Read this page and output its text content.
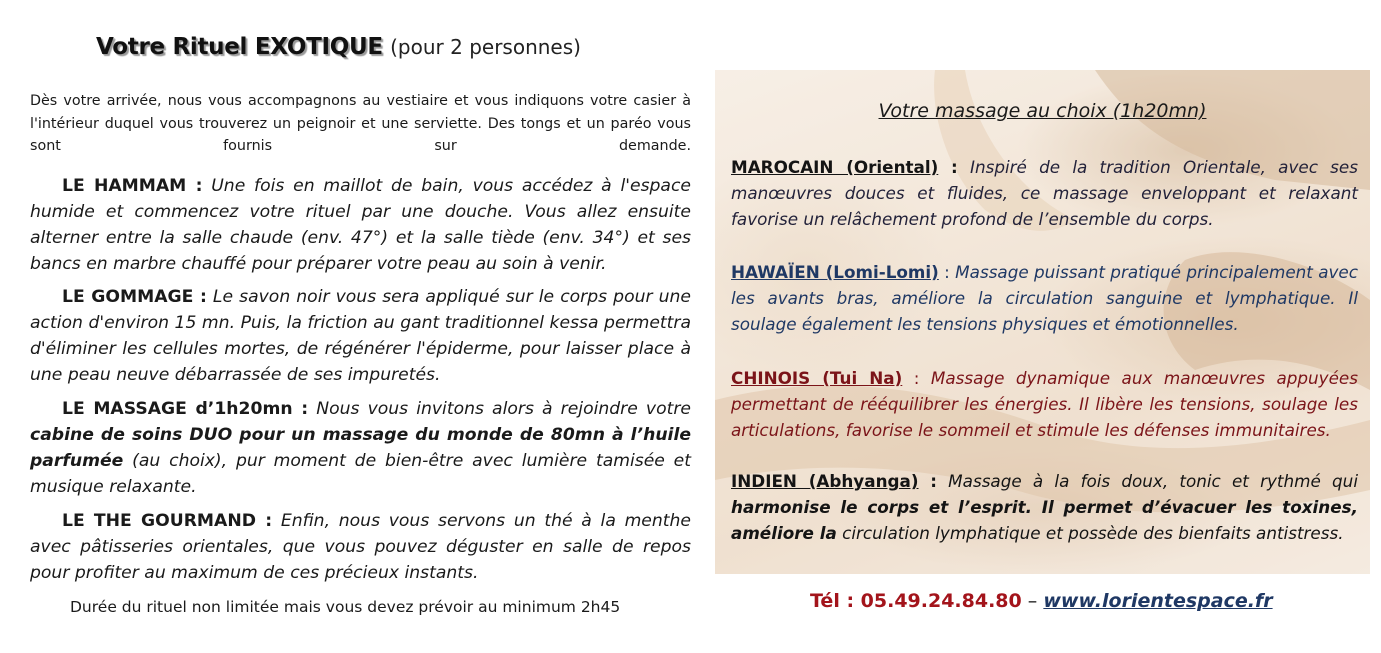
Votre Rituel EXOTIQUE (pour 2 personnes)
Dès votre arrivée, nous vous accompagnons au vestiaire et vous indiquons votre casier à l'intérieur duquel vous trouverez un peignoir et une serviette. Des tongs et un paréo vous sont fournis sur demande.
LE HAMMAM : Une fois en maillot de bain, vous accédez à l'espace humide et commencez votre rituel par une douche. Vous allez ensuite alterner entre la salle chaude (env. 47°) et la salle tiède (env. 34°) et ses bancs en marbre chauffé pour préparer votre peau au soin à venir.
LE GOMMAGE : Le savon noir vous sera appliqué sur le corps pour une action d'environ 15 mn. Puis, la friction au gant traditionnel kessa permettra d'éliminer les cellules mortes, de régénérer l'épiderme, pour laisser place à une peau neuve débarrassée de ses impuretés.
LE MASSAGE d’1h20mn : Nous vous invitons alors à rejoindre votre cabine de soins DUO pour un massage du monde de 80mn à l’huile parfumée (au choix), pur moment de bien-être avec lumière tamisée et musique relaxante.
LE THE GOURMAND : Enfin, nous vous servons un thé à la menthe avec pâtisseries orientales, que vous pouvez déguster en salle de repos pour profiter au maximum de ces précieux instants.
Durée du rituel non limitée mais vous devez prévoir au minimum 2h45
Votre massage au choix (1h20mn)
MAROCAIN (Oriental) : Inspiré de la tradition Orientale, avec ses manœuvres douces et fluides, ce massage enveloppant et relaxant favorise un relâchement profond de l’ensemble du corps.
HAWAÏEN (Lomi-Lomi) : Massage puissant pratiqué principalement avec les avants bras, améliore la circulation sanguine et lymphatique. Il soulage également les tensions physiques et émotionnelles.
CHINOIS (Tui Na) : Massage dynamique aux manœuvres appuyées permettant de rééquilibrer les énergies. Il libère les tensions, soulage les articulations, favorise le sommeil et stimule les défenses immunitaires.
INDIEN (Abhyanga) : Massage à la fois doux, tonic et rythmé qui harmonise le corps et l’esprit. Il permet d’évacuer les toxines, améliore la circulation lymphatique et possède des bienfaits antistress.
Tél : 05.49.24.84.80 – www.lorientespace.fr
